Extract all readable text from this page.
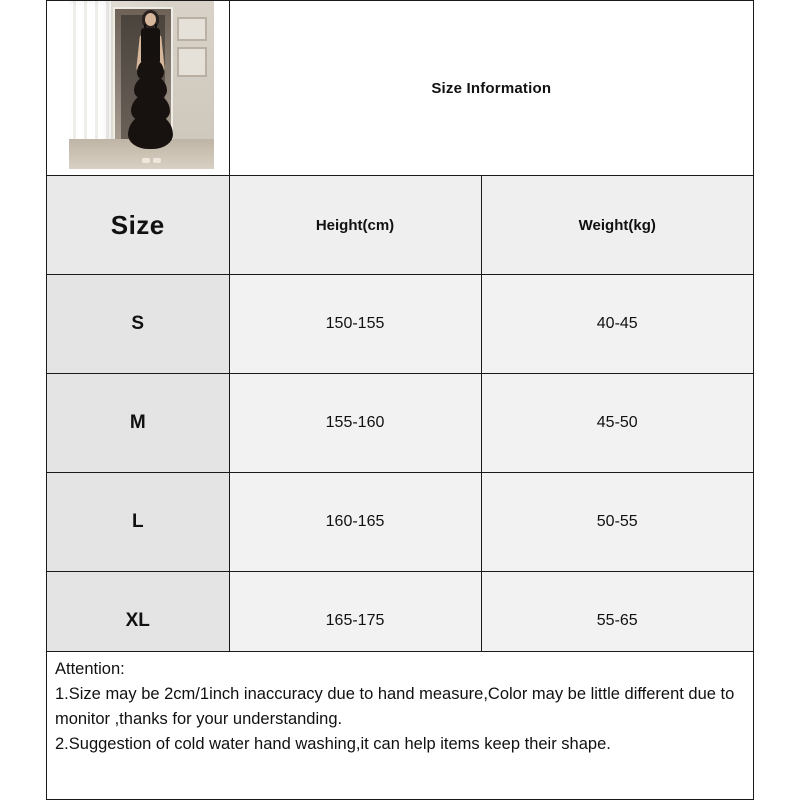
	Size Information	
Size	Height(cm)	Weight(kg)
S	150-155	40-45
M	155-160	45-50
L	160-165	50-55
XL	165-175	55-65

Attention:

1.Size may be 2cm/1inch inaccuracy due to hand measure,Color may be little different due to monitor ,thanks for your understanding.

2.Suggestion of cold water hand washing,it can help items keep their shape.
